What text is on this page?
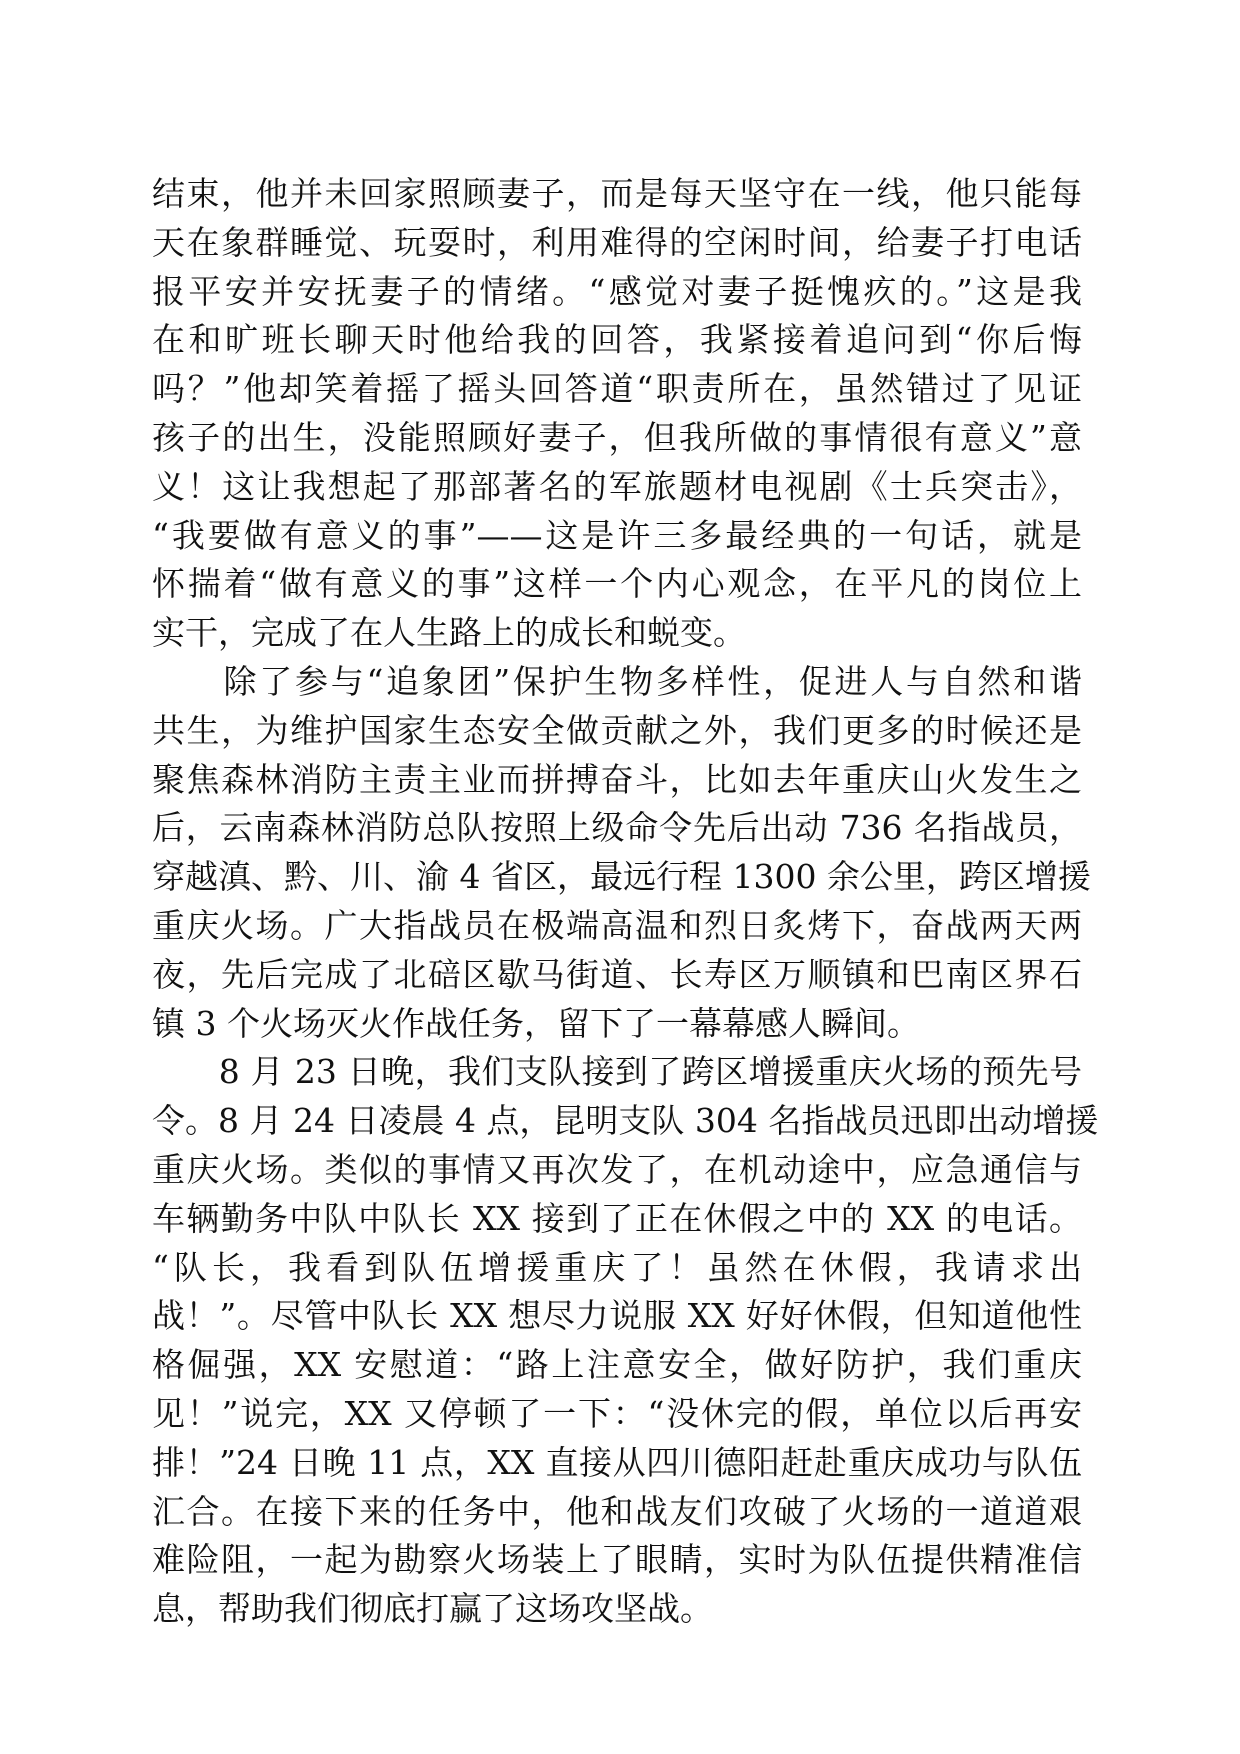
结束，他并未回家照顾妻子，而是每天坚守在一线，他只能每
天在象群睡觉、玩耍时，利用难得的空闲时间，给妻子打电话
报平安并安抚妻子的情绪。“感觉对妻子挺愧疚的。”这是我
在和旷班长聊天时他给我的回答，我紧接着追问到“你后悔
吗？”他却笑着摇了摇头回答道“职责所在，虽然错过了见证
孩子的出生，没能照顾好妻子，但我所做的事情很有意义”意
义！这让我想起了那部著名的军旅题材电视剧《士兵突击》，
“我要做有意义的事”——这是许三多最经典的一句话，就是
怀揣着“做有意义的事”这样一个内心观念，在平凡的岗位上
实干，完成了在人生路上的成长和蜕变。
　　除了参与“追象团”保护生物多样性，促进人与自然和谐
共生，为维护国家生态安全做贡献之外，我们更多的时候还是
聚焦森林消防主责主业而拼搏奋斗，比如去年重庆山火发生之
后，云南森林消防总队按照上级命令先后出动 736 名指战员，
穿越滇、黔、川、渝 4 省区，最远行程 1300 余公里，跨区增援
重庆火场。广大指战员在极端高温和烈日炙烤下，奋战两天两
夜，先后完成了北碚区歇马街道、长寿区万顺镇和巴南区界石
镇 3 个火场灭火作战任务，留下了一幕幕感人瞬间。
　　8 月 23 日晚，我们支队接到了跨区增援重庆火场的预先号
令。8 月 24 日凌晨 4 点，昆明支队 304 名指战员迅即出动增援
重庆火场。类似的事情又再次发了，在机动途中，应急通信与
车辆勤务中队中队长 XX 接到了正在休假之中的 XX 的电话。
“队长，我看到队伍增援重庆了！虽然在休假，我请求出
战！”。尽管中队长 XX 想尽力说服 XX 好好休假，但知道他性
格倔强，XX 安慰道：“路上注意安全，做好防护，我们重庆
见！”说完，XX 又停顿了一下：“没休完的假，单位以后再安
排！”24 日晚 11 点，XX 直接从四川德阳赶赴重庆成功与队伍
汇合。在接下来的任务中，他和战友们攻破了火场的一道道艰
难险阻，一起为勘察火场装上了眼睛，实时为队伍提供精准信
息，帮助我们彻底打赢了这场攻坚战。
